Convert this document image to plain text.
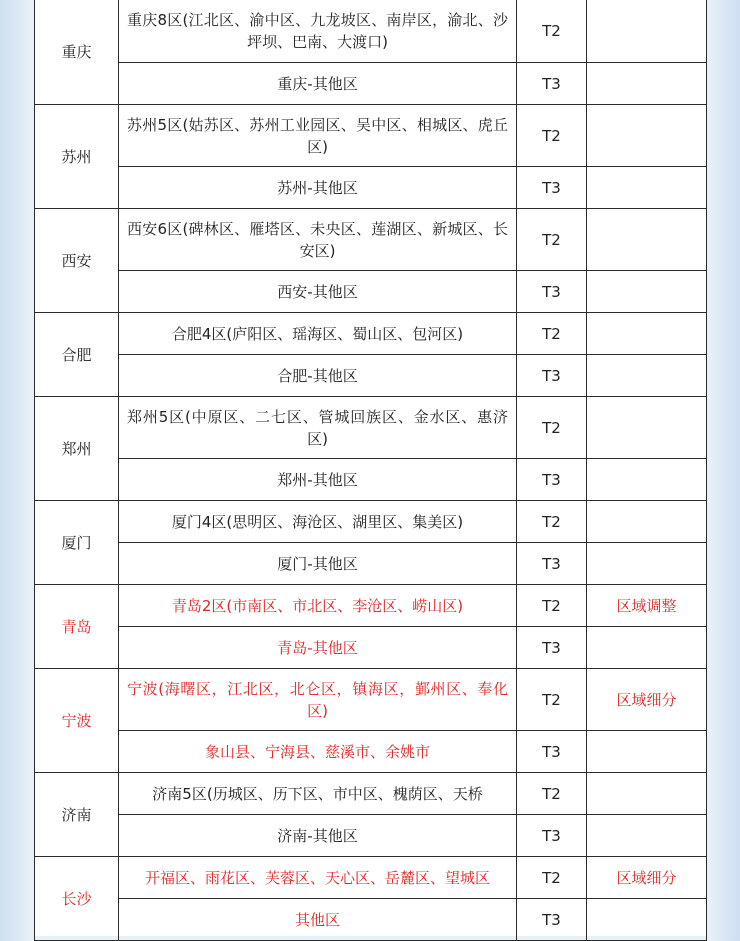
重庆	重庆8区(江北区、渝中区、九龙坡区、南岸区，渝北、沙坪坝、巴南、大渡口)	T2	
	重庆-其他区	T3	
苏州	苏州5区(姑苏区、苏州工业园区、吴中区、相城区、虎丘区)	T2	
	苏州-其他区	T3	
西安	西安6区(碑林区、雁塔区、未央区、莲湖区、新城区、长安区)	T2	
	西安-其他区	T3	
合肥	合肥4区(庐阳区、瑶海区、蜀山区、包河区)	T2	
	合肥-其他区	T3	
郑州	郑州5区(中原区、二七区、管城回族区、金水区、惠济区)	T2	
	郑州-其他区	T3	
厦门	厦门4区(思明区、海沧区、湖里区、集美区)	T2	
	厦门-其他区	T3	
青岛	青岛2区(市南区、市北区、李沧区、崂山区)	T2	区域调整
	青岛-其他区	T3	
宁波	宁波(海曙区，江北区，北仑区，镇海区，鄞州区、奉化区)	T2	区域细分
	象山县、宁海县、慈溪市、余姚市	T3	
济南	济南5区(历城区、历下区、市中区、槐荫区、天桥	T2	
	济南-其他区	T3	
长沙	开福区、雨花区、芙蓉区、天心区、岳麓区、望城区	T2	区域细分
	其他区	T3	
